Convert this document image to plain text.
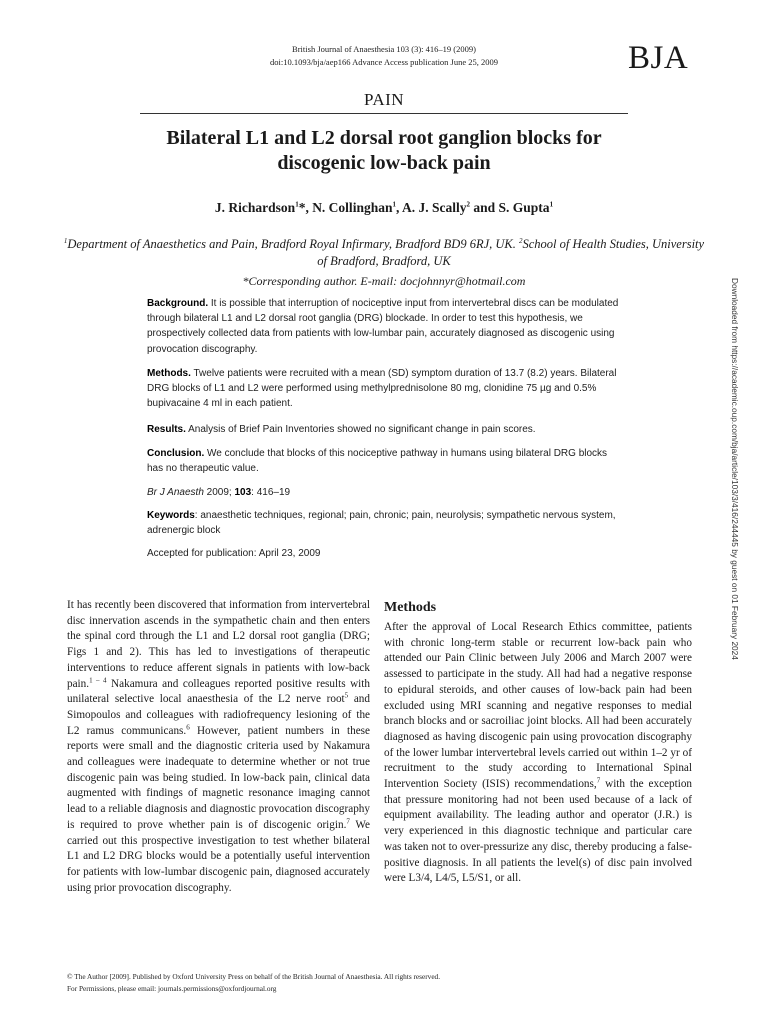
British Journal of Anaesthesia 103 (3): 416–19 (2009)
doi:10.1093/bja/aep166 Advance Access publication June 25, 2009	BJA
PAIN
Bilateral L1 and L2 dorsal root ganglion blocks for
discogenic low-back pain
J. Richardson$^1$*, N. Collinghan$^1$, A. J. Scally$^2$ and S. Gupta$^1$
$^1$Department of Anaesthetics and Pain, Bradford Royal Infirmary, Bradford BD9 6RJ, UK. $^2$School of Health Studies, University of Bradford, Bradford, UK
*Corresponding author. E-mail: docjohnnyr@hotmail.com

Background. It is possible that interruption of nociceptive input from intervertebral discs can be modulated through bilateral L1 and L2 dorsal root ganglia (DRG) blockade. In order to test this hypothesis, we prospectively collected data from patients with low-lumbar pain, accurately diagnosed as discogenic using provocation discography.

Methods. Twelve patients were recruited with a mean (SD) symptom duration of 13.7 (8.2) years. Bilateral DRG blocks of L1 and L2 were performed using methylprednisolone 80 mg, clonidine 75 µg and 0.5% bupivacaine 4 ml in each patient.

Results. Analysis of Brief Pain Inventories showed no significant change in pain scores.

Conclusion. We conclude that blocks of this nociceptive pathway in humans using bilateral DRG blocks has no therapeutic value.

Br J Anaesth 2009; 103: 416–19

Keywords: anaesthetic techniques, regional; pain, chronic; pain, neurolysis; sympathetic nervous system, adrenergic block

Accepted for publication: April 23, 2009

It has recently been discovered that information from intervertebral disc innervation ascends in the sympathetic chain and then enters the spinal cord through the L1 and L2 dorsal root ganglia (DRG; Figs 1 and 2). This has led to investigations of therapeutic interventions to reduce afferent signals in patients with low-back pain.$^{1 - 4}$ Nakamura and colleagues reported positive results with unilateral selective local anaesthesia of the L2 nerve root$^5$ and Simopoulos and colleagues with radiofrequency lesioning of the L2 ramus communicans.$^6$ However, patient numbers in these reports were small and the diagnostic criteria used by Nakamura and colleagues were inadequate to determine whether or not true discogenic pain was being studied. In low-back pain, clinical data augmented with findings of magnetic resonance imaging cannot lead to a reliable diagnosis and diagnostic provocation discography is required to prove whether pain is of discogenic origin.$^7$ We carried out this prospective investigation to test whether bilateral L1 and L2 DRG blocks would be a potentially useful intervention for patients with low-lumbar discogenic pain, diagnosed accurately using prior provocation discography.

Methods

After the approval of Local Research Ethics committee, patients with chronic long-term stable or recurrent low-back pain who attended our Pain Clinic between July 2006 and March 2007 were assessed to participate in the study. All had had a negative response to epidural steroids, and other causes of low-back pain had been excluded using MRI scanning and negative responses to medial branch blocks and or sacroiliac joint blocks. All had been accurately diagnosed as having discogenic pain using provocation discography of the lower lumbar intervertebral levels carried out within 1–2 yr of recruitment to the study according to International Spinal Intervention Society (ISIS) recommendations,$^7$ with the exception that pressure monitoring had not been used because of a lack of equipment availability. The leading author and operator (J.R.) is very experienced in this diagnostic technique and particular care was taken not to over-pressurize any disc, thereby producing a false-positive diagnosis. In all patients the level(s) of disc pain involved were L3/4, L4/5, L5/S1, or all.

© The Author [2009]. Published by Oxford University Press on behalf of the British Journal of Anaesthesia. All rights reserved.
For Permissions, please email: journals.permissions@oxfordjournal.org
Downloaded from https://academic.oup.com/bja/article/103/3/416/244445 by guest on 01 February 2024
